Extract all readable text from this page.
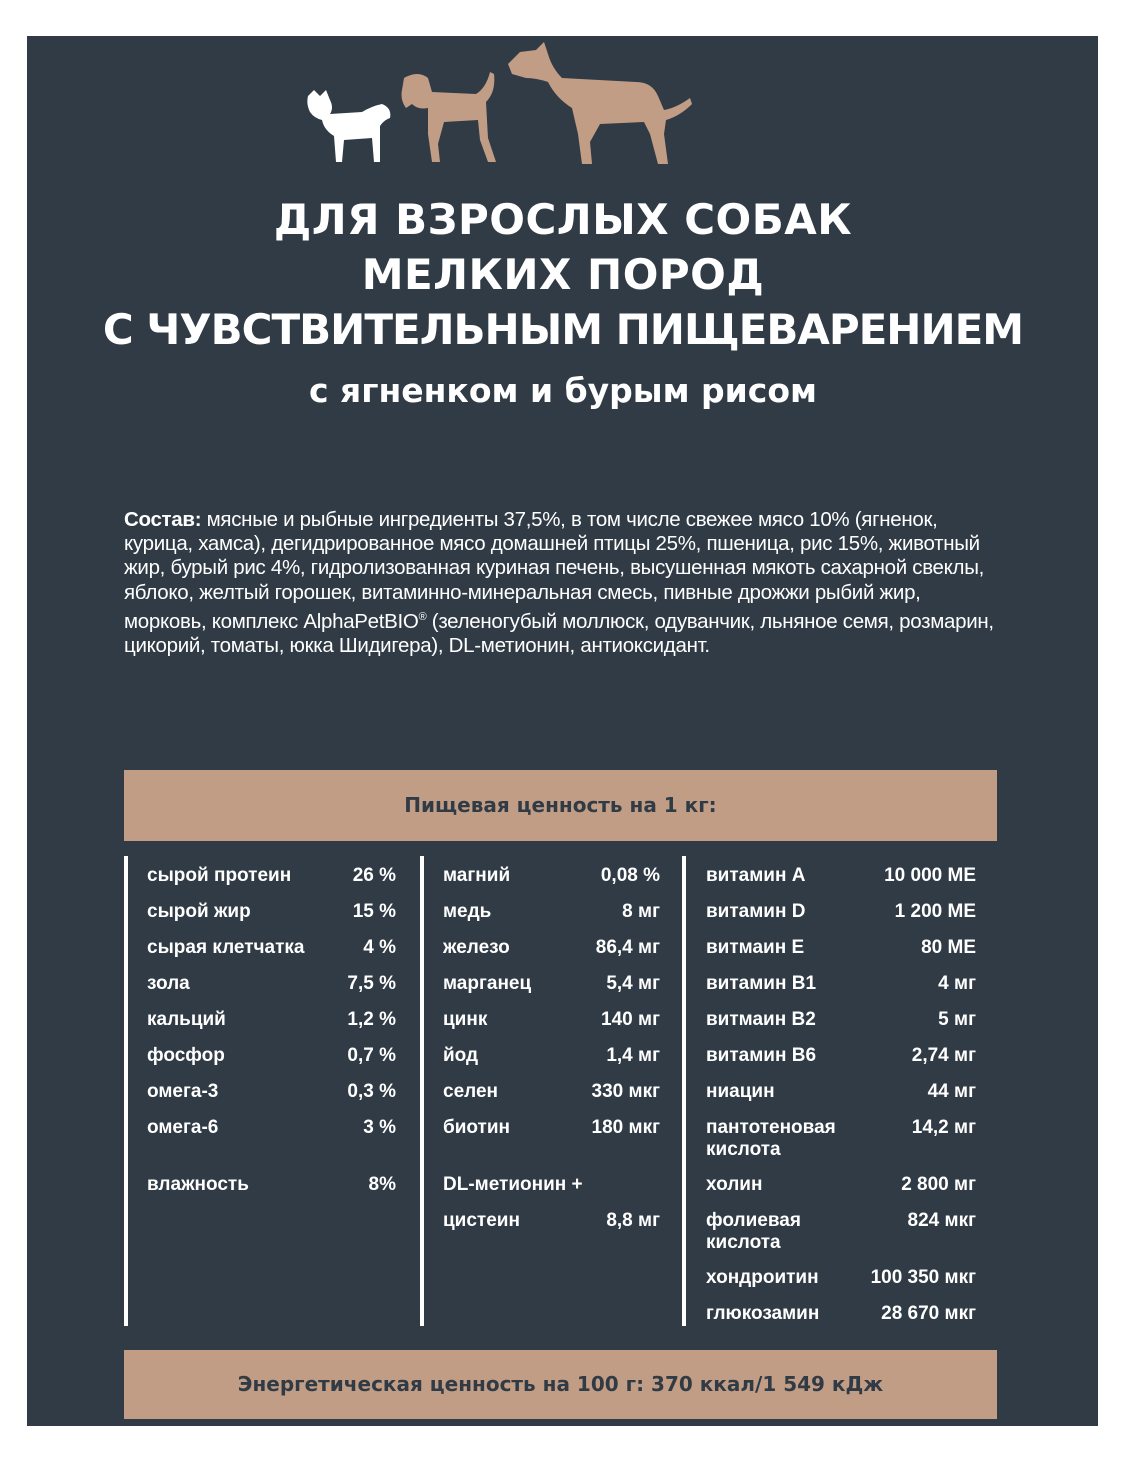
ДЛЯ ВЗРОСЛЫХ СОБАК
МЕЛКИХ ПОРОД
С ЧУВСТВИТЕЛЬНЫМ ПИЩЕВАРЕНИЕМ
с ягненком и бурым рисом
Состав: мясные и рыбные ингредиенты 37,5%, в том числе свежее мясо 10% (ягненок, курица, хамса), дегидрированное мясо домашней птицы 25%, пшеница, рис 15%, животный жир, бурый рис 4%, гидролизованная куриная печень, высушенная мякоть сахарной свеклы, яблоко, желтый горошек, витаминно-минеральная смесь, пивные дрожжи рыбий жир, морковь, комплекс AlphaPetBIO® (зеленогубый моллюск, одуванчик, льняное семя, розмарин, цикорий, томаты, юкка Шидигера), DL-метионин, антиоксидант.
Пищевая ценность на 1 кг:
сырой протеин	26 %
сырой жир	15 %
сырая клетчатка	4 %
зола	7,5 %
кальций	1,2 %
фосфор	0,7 %
омега-3	0,3 %
омега-6	3 %
влажность	8%
магний	0,08 %
медь	8 мг
железо	86,4 мг
марганец	5,4 мг
цинк	140 мг
йод	1,4 мг
селен	330 мкг
биотин	180 мкг
DL-метионин +
цистеин	8,8 мг
витамин А	10 000 МЕ
витамин D	1 200 МЕ
витмаин Е	80 МЕ
витамин В1	4 мг
витмаин В2	5 мг
витамин В6	2,74 мг
ниацин	44 мг
пантотеновая	14,2 мг
кислота
холин	2 800 мг
фолиевая	824 мкг
кислота
хондроитин	100 350 мкг
глюкозамин	28 670 мкг
Энергетическая ценность на 100 г: 370 ккал/1 549 кДж
